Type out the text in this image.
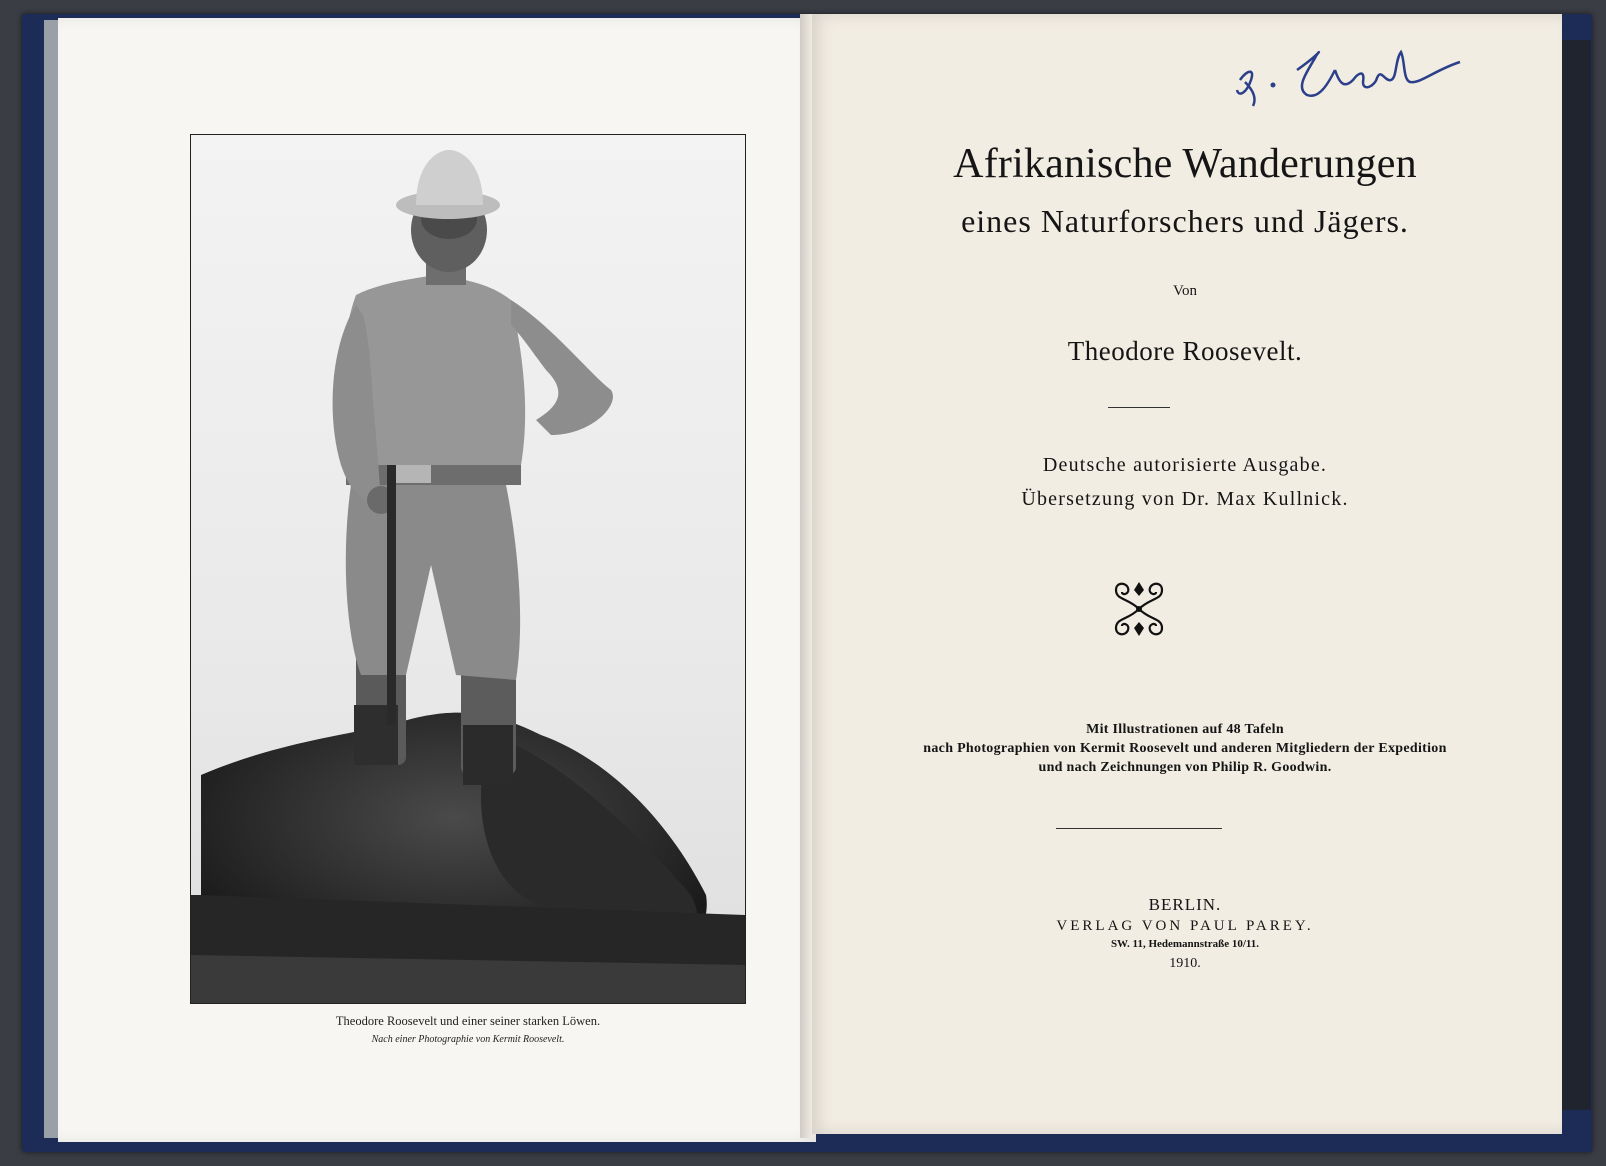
Theodore Roosevelt und einer seiner starken Löwen.
Nach einer Photographie von Kermit Roosevelt.
Afrikanische Wanderungen
eines Naturforschers und Jägers.
Von
Theodore Roosevelt.
Deutsche autorisierte Ausgabe.
Übersetzung von Dr. Max Kullnick.
Mit Illustrationen auf 48 Tafeln
nach Photographien von Kermit Roosevelt und anderen Mitgliedern der Expedition
und nach Zeichnungen von Philip R. Goodwin.
BERLIN.
VERLAG VON PAUL PAREY.
SW. 11, Hedemannstraße 10/11.
1910.
